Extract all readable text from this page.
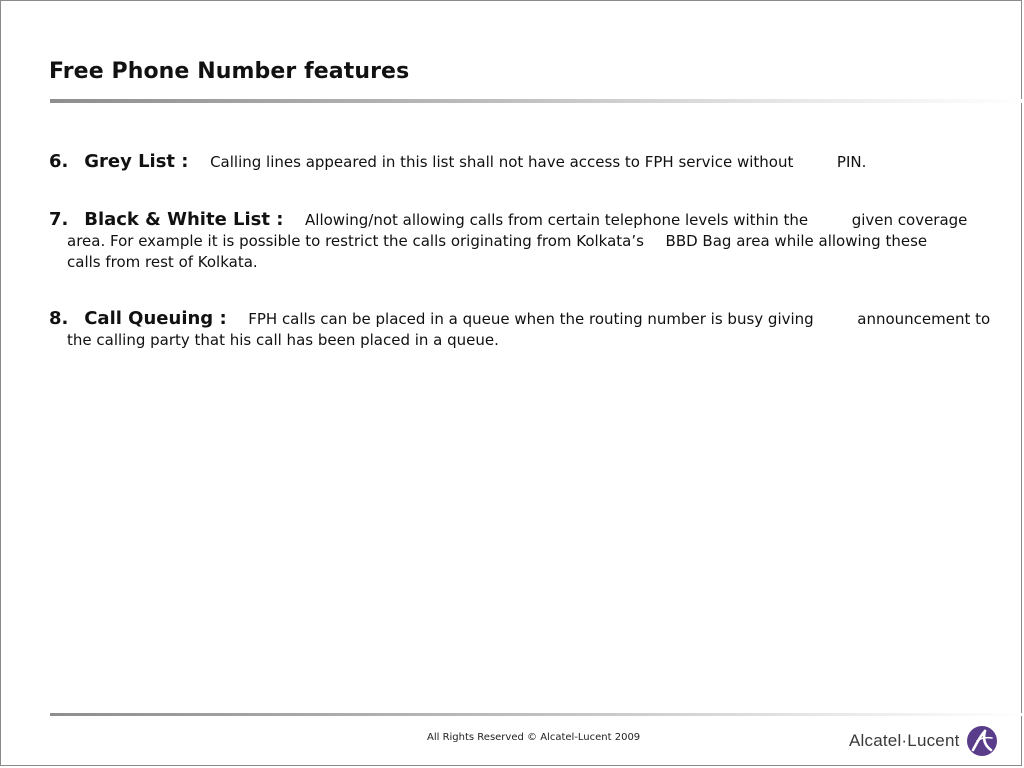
Free Phone Number features
6. Grey List : Calling lines appeared in this list shall not have access to FPH service without	PIN.
7. Black & White List : Allowing/not allowing calls from certain telephone levels within the	given coverage
area. For example it is possible to restrict the calls originating from Kolkata’s BBD Bag area while allowing these
calls from rest of Kolkata.
8. Call Queuing : FPH calls can be placed in a queue when the routing number is busy giving	announcement to
the calling party that his call has been placed in a queue.
All Rights Reserved © Alcatel-Lucent 2009	Alcatel·Lucent
